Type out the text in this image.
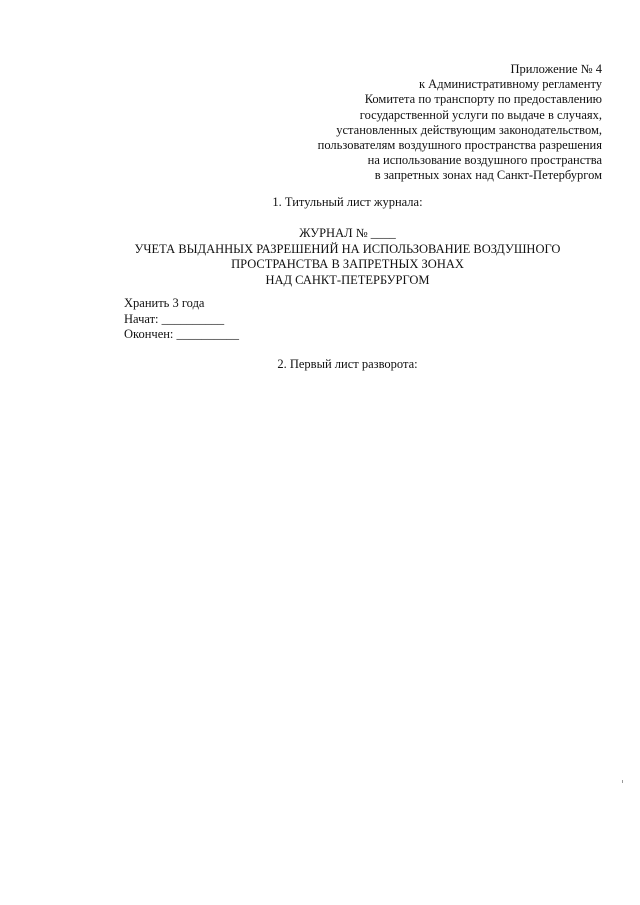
Приложение № 4
к Административному регламенту
Комитета по транспорту по предоставлению
государственной услуги по выдаче в случаях,
установленных действующим законодательством,
пользователям воздушного пространства разрешения
на использование воздушного пространства
в запретных зонах над Санкт-Петербургом
1. Титульный лист журнала:
ЖУРНАЛ № ____
УЧЕТА ВЫДАННЫХ РАЗРЕШЕНИЙ НА ИСПОЛЬЗОВАНИЕ ВОЗДУШНОГО
ПРОСТРАНСТВА В ЗАПРЕТНЫХ ЗОНАХ
НАД САНКТ-ПЕТЕРБУРГОМ
Хранить 3 года
Начат: __________
Окончен: __________
2. Первый лист разворота:
